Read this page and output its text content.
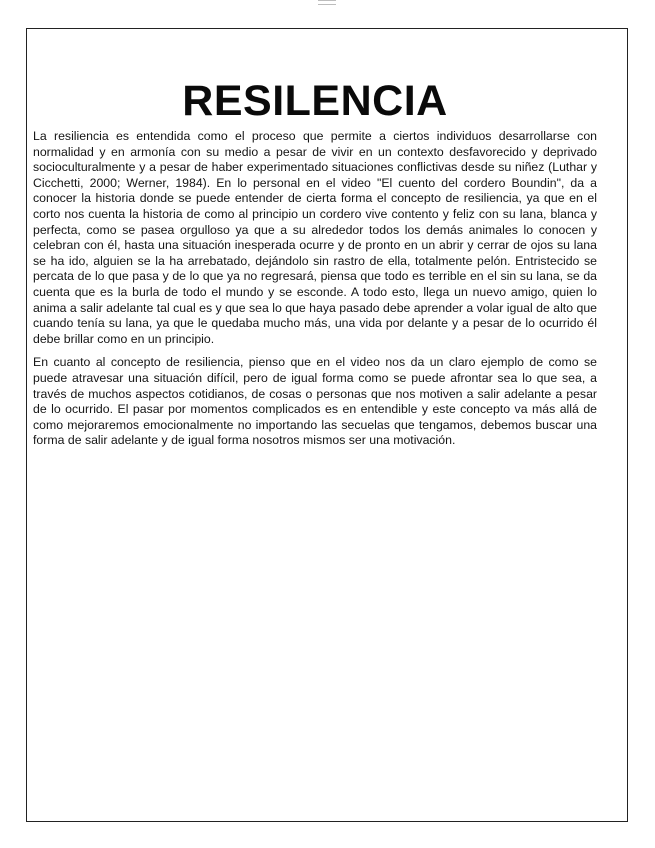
RESILENCIA

La resiliencia es entendida como el proceso que permite a ciertos individuos desarrollarse con normalidad y en armonía con su medio a pesar de vivir en un contexto desfavorecido y deprivado socioculturalmente y a pesar de haber experimentado situaciones conflictivas desde su niñez (Luthar y Cicchetti, 2000; Werner, 1984). En lo personal en el video "El cuento del cordero Boundin", da a conocer la historia donde se puede entender de cierta forma el concepto de resiliencia, ya que en el corto nos cuenta la historia de como al principio un cordero vive contento y feliz con su lana, blanca y perfecta, como se pasea orgulloso ya que a su alrededor todos los demás animales lo conocen y celebran con él, hasta una situación inesperada ocurre y de pronto en un abrir y cerrar de ojos su lana se ha ido, alguien se la ha arrebatado, dejándolo sin rastro de ella, totalmente pelón. Entristecido se percata de lo que pasa y de lo que ya no regresará, piensa que todo es terrible en el sin su lana, se da cuenta que es la burla de todo el mundo y se esconde. A todo esto, llega un nuevo amigo, quien lo anima a salir adelante tal cual es y que sea lo que haya pasado debe aprender a volar igual de alto que cuando tenía su lana, ya que le quedaba mucho más, una vida por delante y a pesar de lo ocurrido él debe brillar como en un principio.

En cuanto al concepto de resiliencia, pienso que en el video nos da un claro ejemplo de como se puede atravesar una situación difícil, pero de igual forma como se puede afrontar sea lo que sea, a través de muchos aspectos cotidianos, de cosas o personas que nos motiven a salir adelante a pesar de lo ocurrido. El pasar por momentos complicados es en entendible y este concepto va más allá de como mejoraremos emocionalmente no importando las secuelas que tengamos, debemos buscar una forma de salir adelante y de igual forma nosotros mismos ser una motivación.
